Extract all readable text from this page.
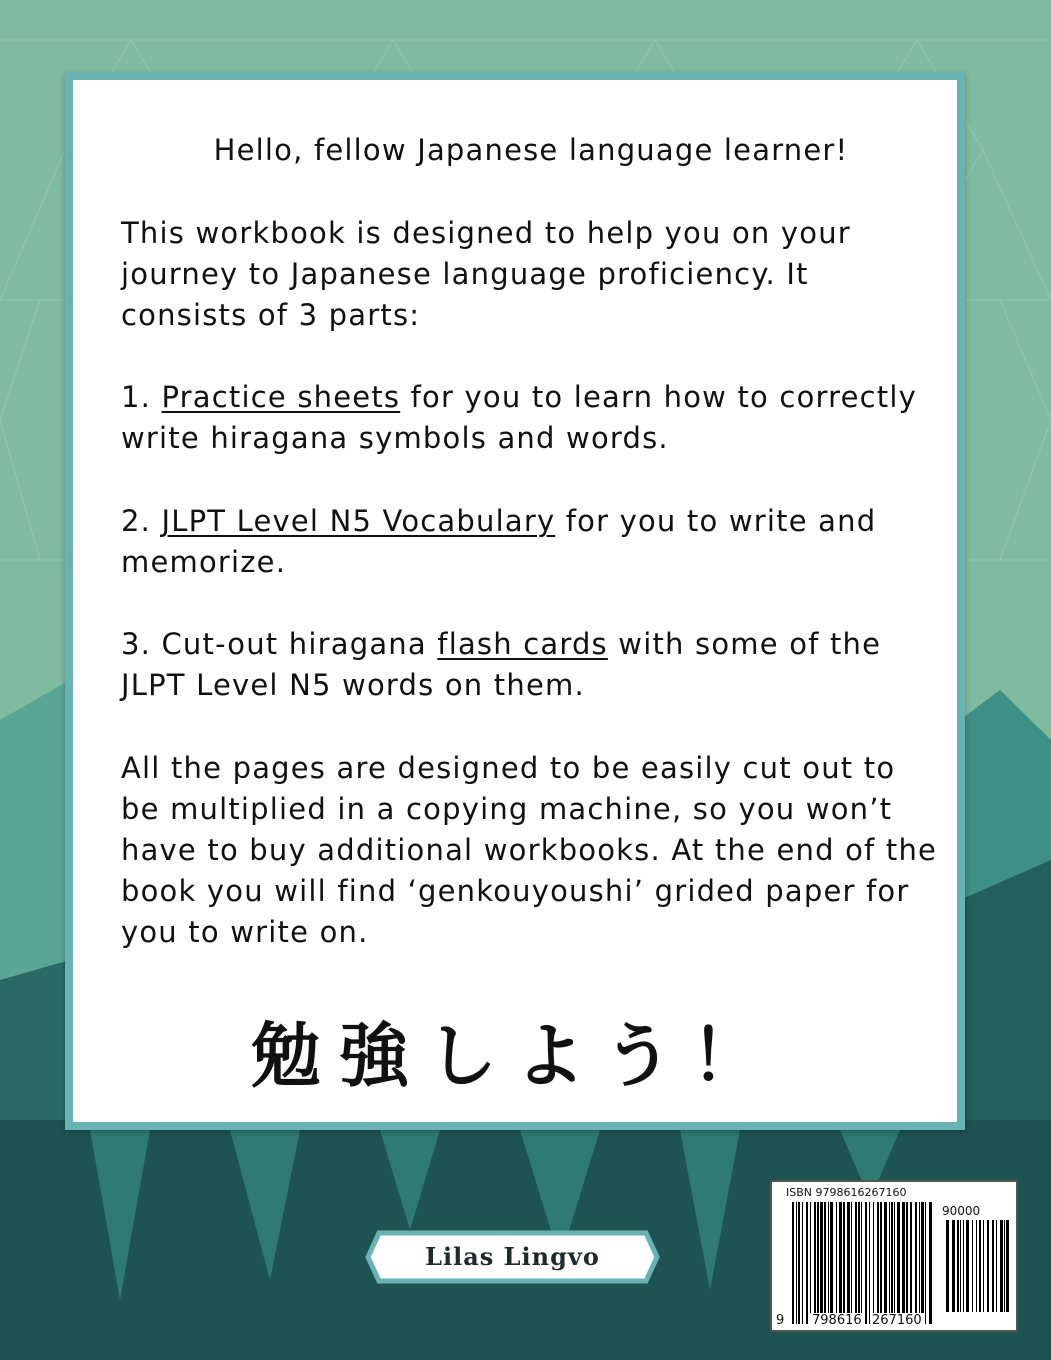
Hello, fellow Japanese language learner!
This workbook is designed to help you on your journey to Japanese language proficiency. It consists of 3 parts:
1. Practice sheets for you to learn how to correctly write hiragana symbols and words.
2. JLPT Level N5 Vocabulary for you to write and memorize.
3. Cut-out hiragana flash cards with some of the JLPT Level N5 words on them.
All the pages are designed to be easily cut out to be multiplied in a copying machine, so you won’t have to buy additional workbooks. At the end of the book you will find ‘genkouyoushi’ grided paper for you to write on.
勉強しよう！
Lilas Lingvo
ISBN 9798616267160
90000
9 798616 267160
